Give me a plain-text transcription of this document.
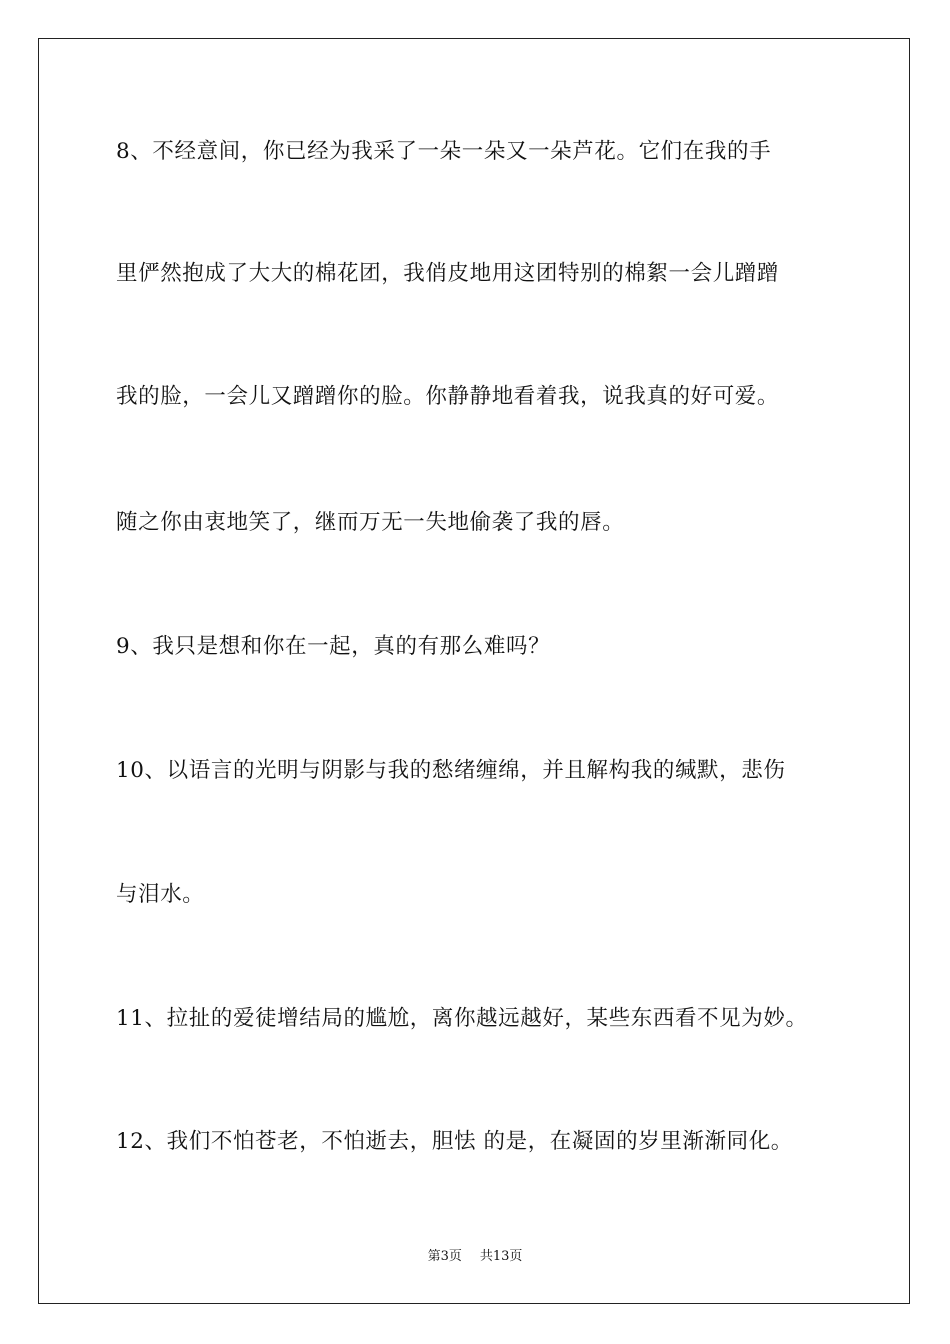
8、不经意间，你已经为我采了一朵一朵又一朵芦花。它们在我的手
里俨然抱成了大大的棉花团，我俏皮地用这团特别的棉絮一会儿蹭蹭
我的脸，一会儿又蹭蹭你的脸。你静静地看着我，说我真的好可爱。
随之你由衷地笑了，继而万无一失地偷袭了我的唇。
9、我只是想和你在一起，真的有那么难吗？
10、以语言的光明与阴影与我的愁绪缠绵，并且解构我的缄默，悲伤
与泪水。
11、拉扯的爱徒增结局的尴尬，离你越远越好，某些东西看不见为妙。
12、我们不怕苍老，不怕逝去，胆怯 的是，在凝固的岁里渐渐同化。
第3页 共13页
